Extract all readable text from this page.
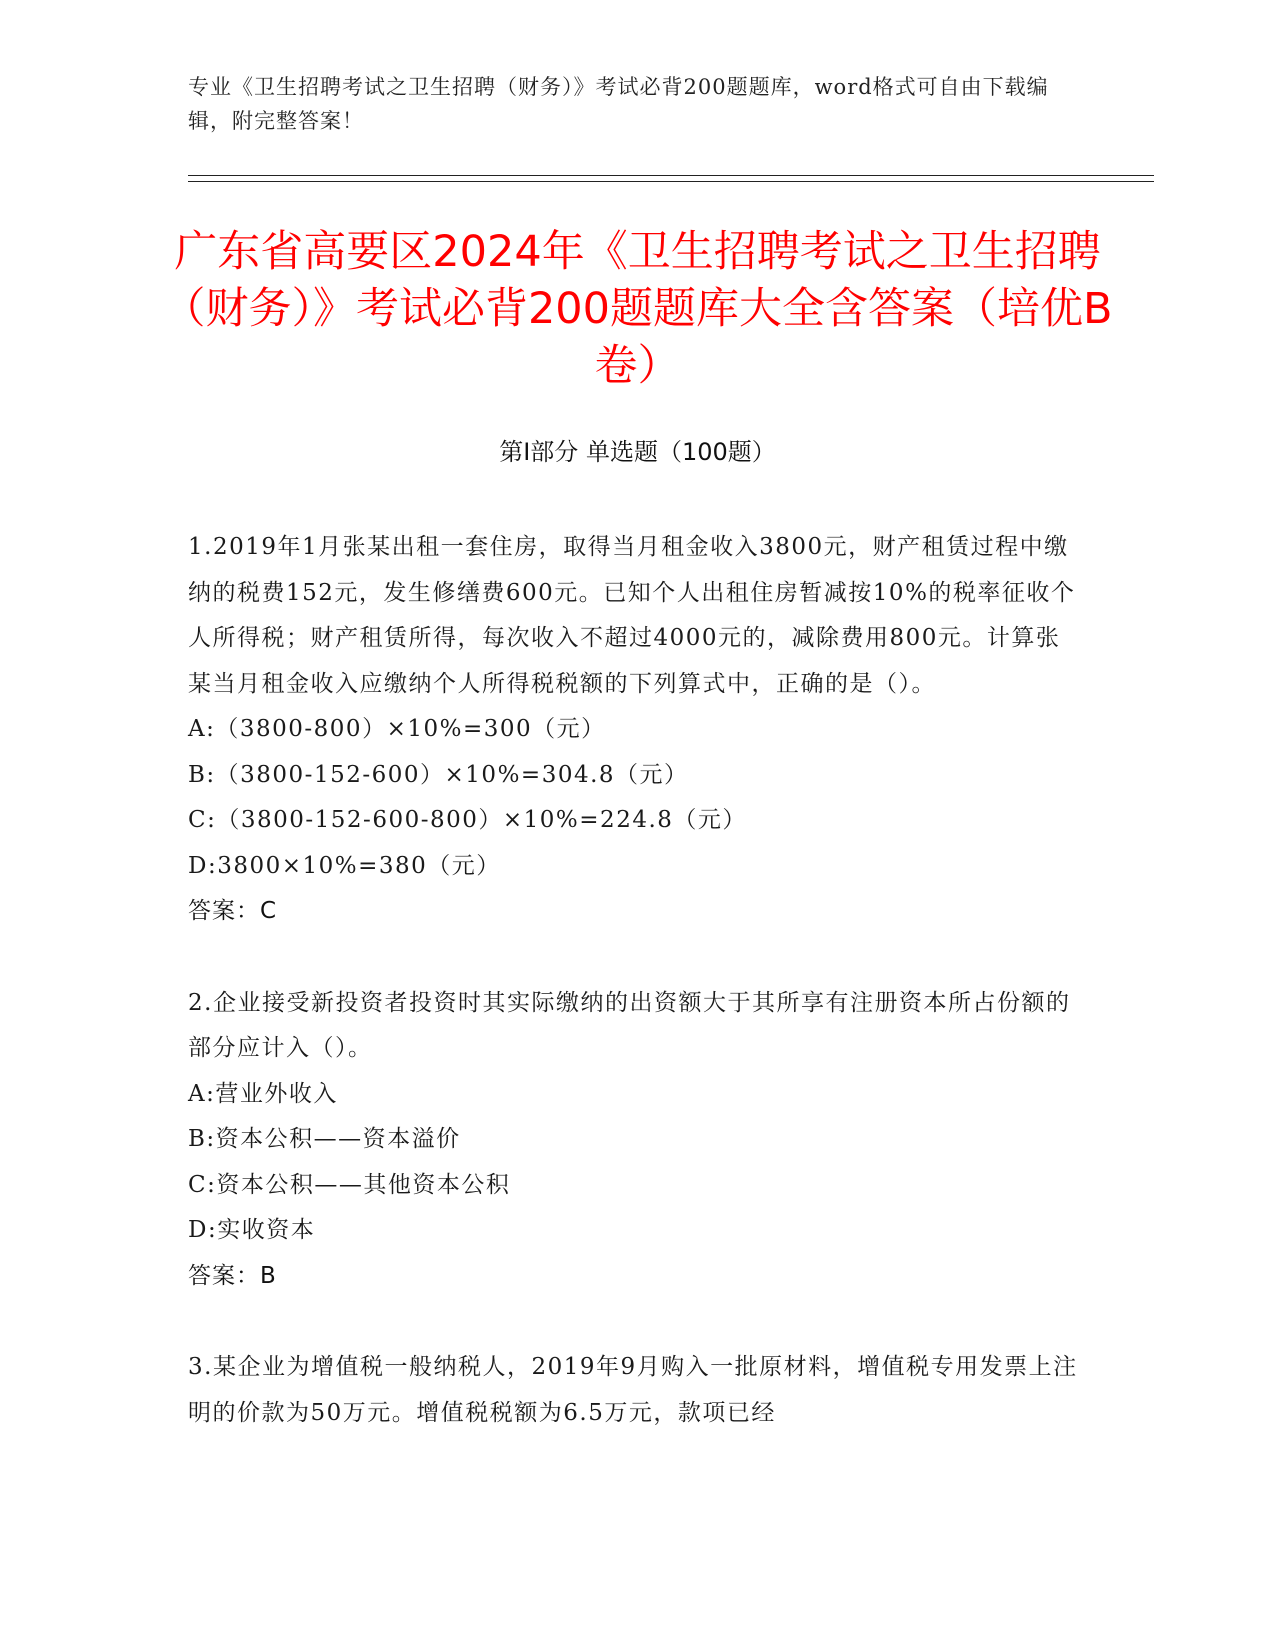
专业《卫生招聘考试之卫生招聘（财务）》考试必背200题题库，word格式可自由下载编辑，附完整答案！
广东省高要区2024年《卫生招聘考试之卫生招聘（财务）》考试必背200题题库大全含答案（培优B卷）
第Ⅰ部分 单选题（100题）

1.2019年1月张某出租一套住房，取得当月租金收入3800元，财产租赁过程中缴纳的税费152元，发生修缮费600元。已知个人出租住房暂减按10%的税率征收个人所得税；财产租赁所得，每次收入不超过4000元的，减除费用800元。计算张某当月租金收入应缴纳个人所得税税额的下列算式中，正确的是（）。

A:（3800-800）×10%=300（元）

B:（3800-152-600）×10%=304.8（元）

C:（3800-152-600-800）×10%=224.8（元）

D:3800×10%=380（元）

答案：C

2.企业接受新投资者投资时其实际缴纳的出资额大于其所享有注册资本所占份额的部分应计入（）。

A:营业外收入

B:资本公积——资本溢价

C:资本公积——其他资本公积

D:实收资本

答案：B

3.某企业为增值税一般纳税人，2019年9月购入一批原材料，增值税专用发票上注明的价款为50万元。增值税税额为6.5万元，款项已经
